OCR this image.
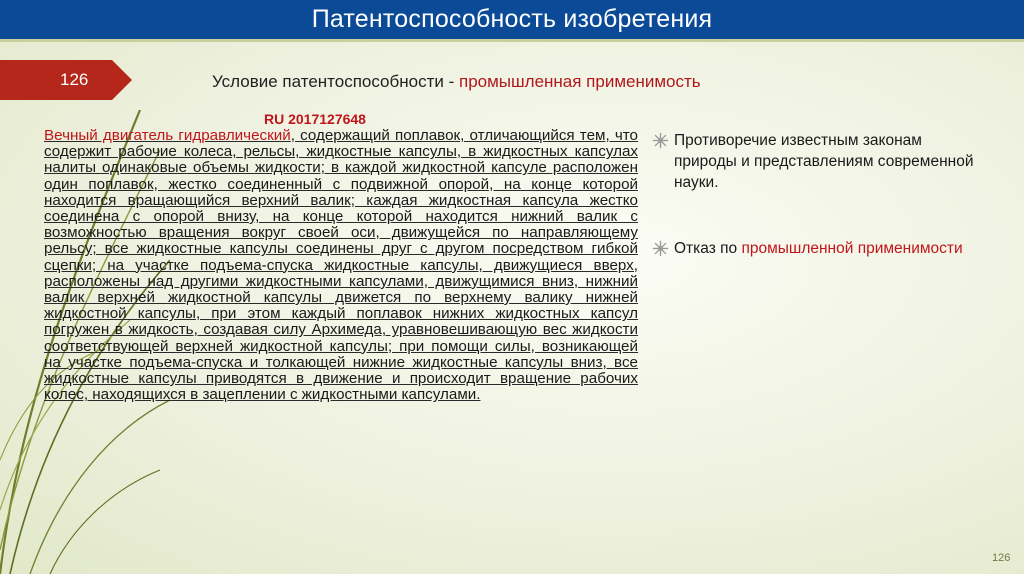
Патентоспособность изобретения
126	Условие патентоспособности - промышленная применимость
RU 2017127648
Вечный двигатель гидравлический, содержащий поплавок, отличающийся тем, что содержит рабочие колеса, рельсы, жидкостные капсулы, в жидкостных капсулах налиты одинаковые объемы жидкости; в каждой жидкостной капсуле расположен один поплавок, жестко соединенный с подвижной опорой, на конце которой находится вращающийся верхний валик; каждая жидкостная капсула жестко соединена с опорой внизу, на конце которой находится нижний валик с возможностью вращения вокруг своей оси, движущейся по направляющему рельсу; все жидкостные капсулы соединены друг с другом посредством гибкой сцепки; на участке подъема-спуска жидкостные капсулы, движущиеся вверх, расположены над другими жидкостными капсулами, движущимися вниз, нижний валик верхней жидкостной капсулы движется по верхнему валику нижней жидкостной капсулы, при этом каждый поплавок нижних жидкостных капсул погружен в жидкость, создавая силу Архимеда, уравновешивающую вес жидкости соответствующей верхней жидкостной капсулы; при помощи силы, возникающей на участке подъема-спуска и толкающей нижние жидкостные капсулы вниз, все жидкостные капсулы приводятся в движение и происходит вращение рабочих колес, находящихся в зацеплении с жидкостными капсулами.
Противоречие известным законам природы и представлениям современной науки.
Отказ по промышленной применимости
126
